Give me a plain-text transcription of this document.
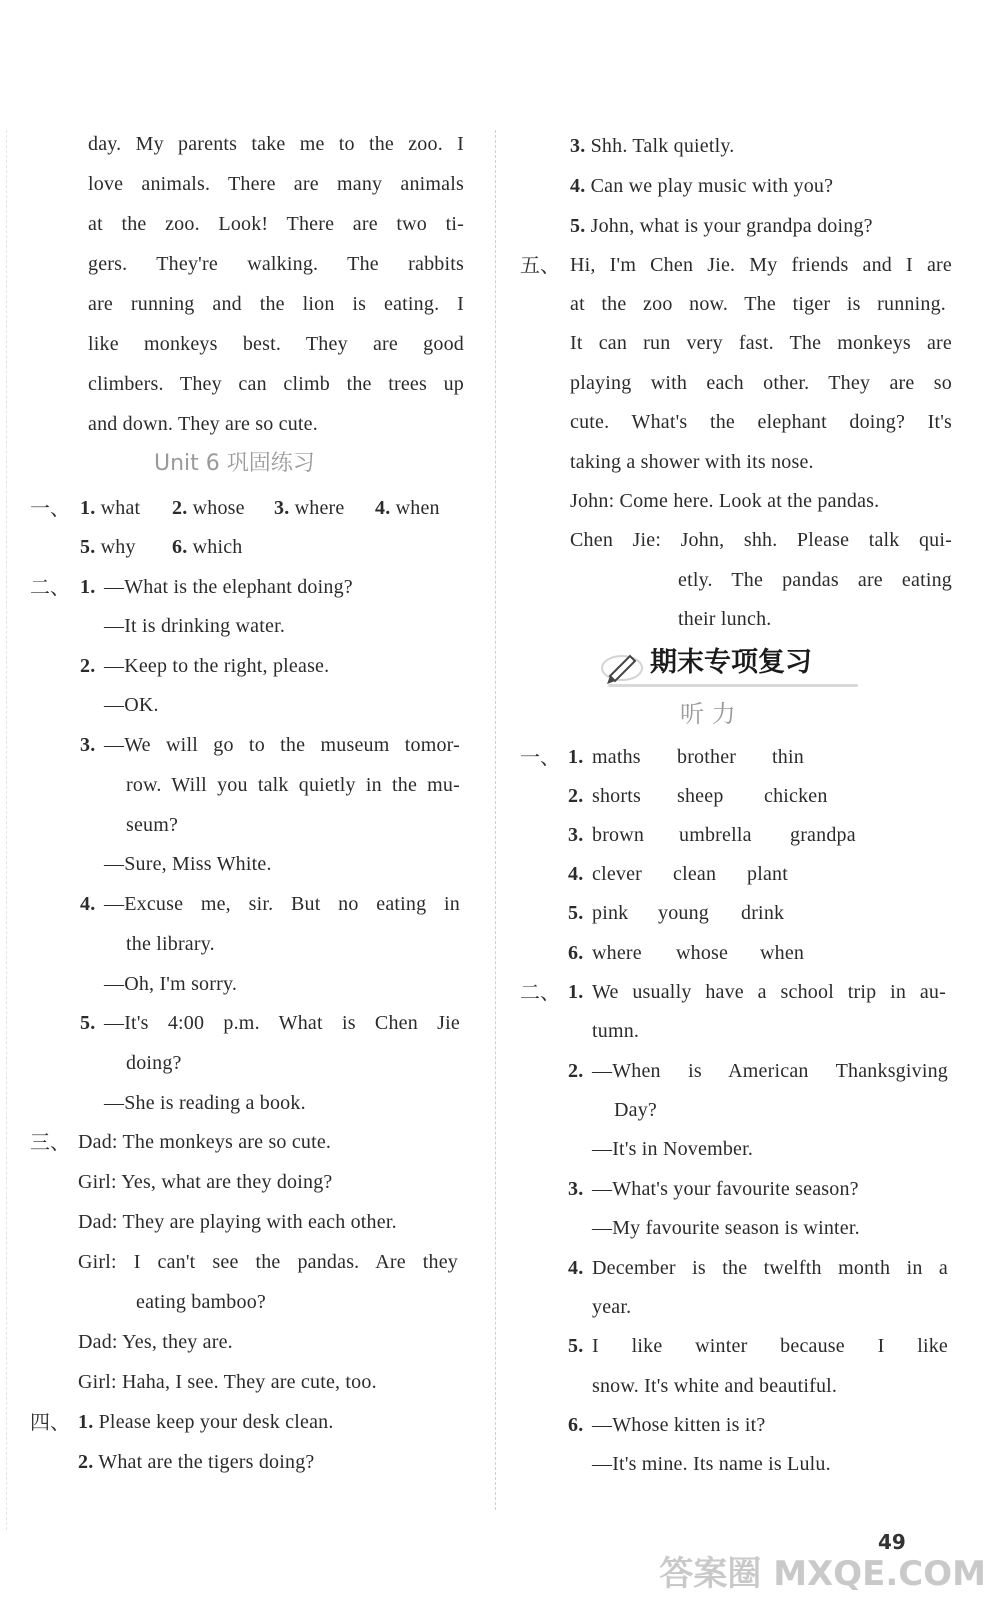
day. My parents take me to the zoo. I
love animals. There are many animals
at the zoo. Look! There are two ti-
gers. They're walking. The rabbits
are running and the lion is eating. I
like monkeys best. They are good
climbers. They can climb the trees up
and down. They are so cute.
Unit 6 巩固练习
一、 1. what 2. whose 3. where 4. when
5. why 6. which
二、 1. —What is the elephant doing?
—It is drinking water.
2. —Keep to the right, please.
—OK.
3. —We will go to the museum tomor-
row. Will you talk quietly in the mu-
seum?
—Sure, Miss White.
4. —Excuse me, sir. But no eating in
the library.
—Oh, I'm sorry.
5. —It's 4:00 p.m. What is Chen Jie
doing?
—She is reading a book.
三、 Dad: The monkeys are so cute.
Girl: Yes, what are they doing?
Dad: They are playing with each other.
Girl: I can't see the pandas. Are they
eating bamboo?
Dad: Yes, they are.
Girl: Haha, I see. They are cute, too.
四、 1. Please keep your desk clean.
2. What are the tigers doing?
3. Shh. Talk quietly.
4. Can we play music with you?
5. John, what is your grandpa doing?
五、 Hi, I'm Chen Jie. My friends and I are
at the zoo now. The tiger is running.
It can run very fast. The monkeys are
playing with each other. They are so
cute. What's the elephant doing? It's
taking a shower with its nose.
John: Come here. Look at the pandas.
Chen Jie: John, shh. Please talk qui-
etly. The pandas are eating
their lunch.
期末专项复习
听 力
一、 1. maths brother thin
2. shorts sheep chicken
3. brown umbrella grandpa
4. clever clean plant
5. pink young drink
6. where whose when
二、 1. We usually have a school trip in au-
tumn.
2. —When is American Thanksgiving
Day?
—It's in November.
3. —What's your favourite season?
—My favourite season is winter.
4. December is the twelfth month in a
year.
5. I like winter because I like
snow. It's white and beautiful.
6. —Whose kitten is it?
—It's mine. Its name is Lulu.
49
答案圈 MXQE.COM
